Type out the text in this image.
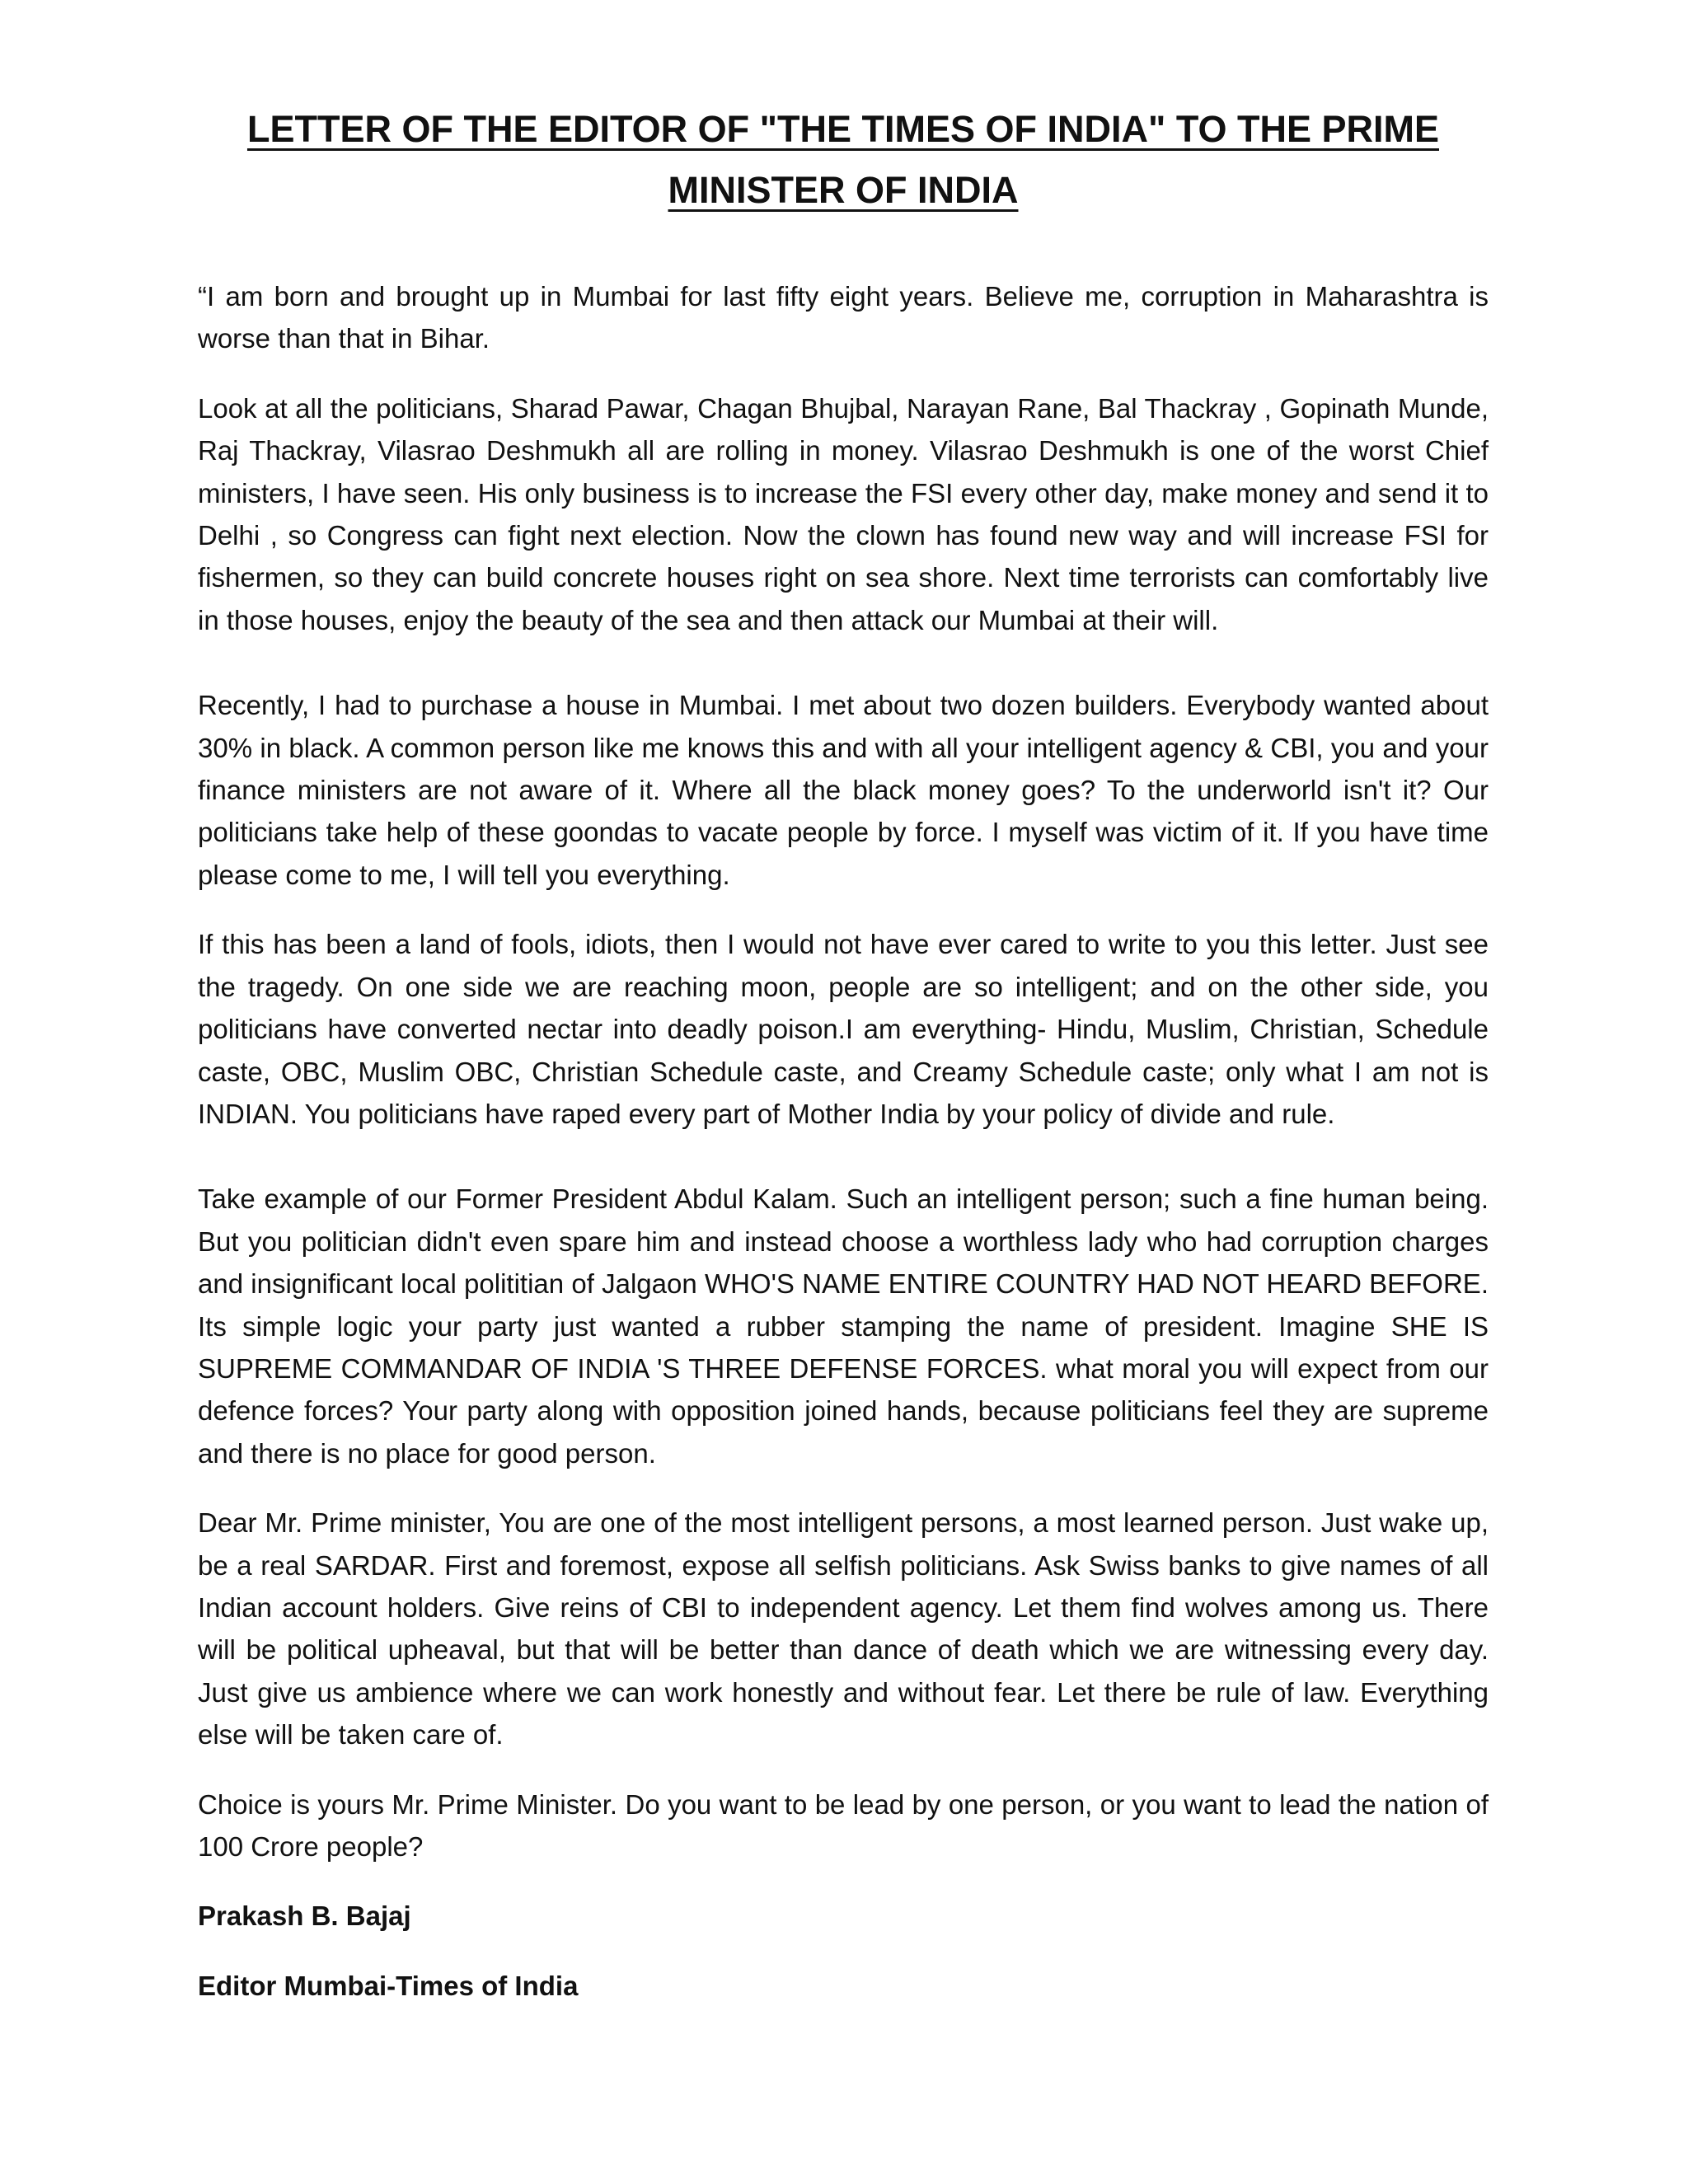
LETTER OF THE EDITOR OF "THE TIMES OF INDIA" TO THE PRIME MINISTER OF INDIA

“I am born and brought up in Mumbai for last fifty eight years. Believe me, corruption in Maharashtra is worse than that in Bihar.

Look at all the politicians, Sharad Pawar, Chagan Bhujbal, Narayan Rane, Bal Thackray , Gopinath Munde, Raj Thackray, Vilasrao Deshmukh all are rolling in money. Vilasrao Deshmukh is one of the worst Chief ministers, I have seen. His only business is to increase the FSI every other day, make money and send it to Delhi , so Congress can fight next election. Now the clown has found new way and will increase FSI for fishermen, so they can build concrete houses right on sea shore. Next time terrorists can comfortably live in those houses, enjoy the beauty of the sea and then attack our Mumbai at their will.

Recently, I had to purchase a house in Mumbai. I met about two dozen builders. Everybody wanted about 30% in black. A common person like me knows this and with all your intelligent agency & CBI, you and your finance ministers are not aware of it. Where all the black money goes? To the underworld isn't it? Our politicians take help of these goondas to vacate people by force. I myself was victim of it. If you have time please come to me, I will tell you everything.

If this has been a land of fools, idiots, then I would not have ever cared to write to you this letter. Just see the tragedy. On one side we are reaching moon, people are so intelligent; and on the other side, you politicians have converted nectar into deadly poison.I am everything- Hindu, Muslim, Christian, Schedule caste, OBC, Muslim OBC, Christian Schedule caste, and Creamy Schedule caste; only what I am not is INDIAN. You politicians have raped every part of Mother India by your policy of divide and rule.

Take example of our Former President Abdul Kalam. Such an intelligent person; such a fine human being. But you politician didn't even spare him and instead choose a worthless lady who had corruption charges and insignificant local polititian of Jalgaon WHO'S NAME ENTIRE COUNTRY HAD NOT HEARD BEFORE. Its simple logic your party just wanted a rubber stamping the name of president. Imagine SHE IS SUPREME COMMANDAR OF INDIA 'S THREE DEFENSE FORCES. what moral you will expect from our defence forces? Your party along with opposition joined hands, because politicians feel they are supreme and there is no place for good person.

Dear Mr. Prime minister, You are one of the most intelligent persons, a most learned person. Just wake up, be a real SARDAR. First and foremost, expose all selfish politicians. Ask Swiss banks to give names of all Indian account holders. Give reins of CBI to independent agency. Let them find wolves among us. There will be political upheaval, but that will be better than dance of death which we are witnessing every day. Just give us ambience where we can work honestly and without fear. Let there be rule of law. Everything else will be taken care of.

Choice is yours Mr. Prime Minister. Do you want to be lead by one person, or you want to lead the nation of 100 Crore people?

Prakash B. Bajaj

Editor Mumbai-Times of India
